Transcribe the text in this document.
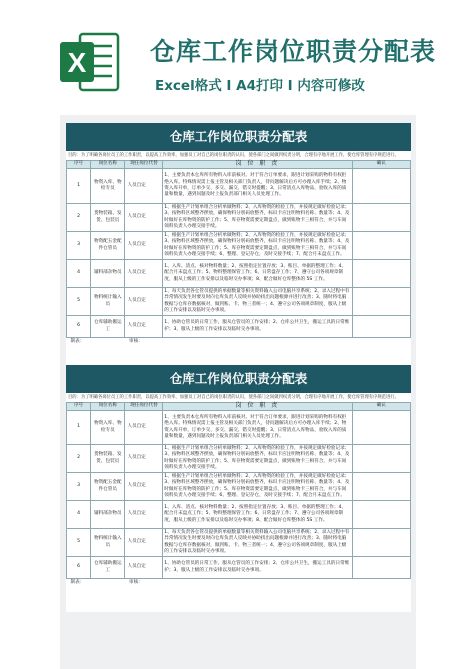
X	仓库工作岗位职责分配表
Excel格式 I A4打印 I 内容可修改
仓库工作岗位职责分配表
目的：为了明确各岗位员工的工作职责，以提高工作效率，加强员工对自己的岗位职责的认识，使各部门之间做到权责分明，合理有序地开展工作，使仓库管理有序规范进行。
序号	岗位名称	现任岗位代替	岗 位 职 责	确认
1	物资入库、物检专员	人员自定	1、主要负责本仓库所有物料入库前核对。对于符合订单要求，跟进计划采购的物料有权拒绝入库。特殊情况需上报主管及相关部门负责人，待问题解决后方可办理入库手续；2、物资入库开单，订单少交、多交、漏交、错交时提醒；3、日常清点入库物品，验收入库的质量和数量，遇到问题及时上报负责部门相关人员处理工作。	
2	货物装箱、发货、包装员	人员自定	1、根据生产计划单组合分析单做物料；2、入库物资的检验工作，并按规定做好检验记录；3、按物料区域整齐摆放，确保物料分别码放整齐，标识卡应注明物料名称、数量等；4、及时做好在库物资的防护工作；5、库存物资需要定期盘点，做到账物卡三相符合，并与车间领料负责人办理交接手续。	
3	物资配五金配件仓管员	人员自定	1、根据生产计划单组合分析单做物料；2、入库物资的检验工作，并按规定做好检验记录；3、按物料区域整齐摆放，确保物料分别码放整齐，标识卡应注明物料名称、数量等；4、及时做好在库物资的防护工作；5、库存物资需要定期盘点，做到账物卡三相符合，并与车间领料负责人办理交接手续；6、整理、登记存仓，及时交接手续；7、配合月末盘点工作。	
4	辅料部杂物员	人员自定	1、入库、清点、核对物料数量；2、按照指定位置存放；3、账目、单据的整理工作；4、配合月末盘点工作；5、物料整理保管工作；6、日常盘存工作；7、遵守公司各项规章制度，服从上级的工作安排以及临时交办事项；8、配合做好仓库整体的 5S 工作。	
5	物料统计输入员	人员自定	1、每天负责各仓管员提供的单据数量等相关资料输入公司电脑共享系统；2、录入过程中有异常情况发生时要及时向仓库负责人反映并协助找出问题根源并进行改善；3、随时将电脑数据与仓库存数据核对，做到账、卡、物三者统一；4、遵守公司各项规章制度，服从上级的工作安排以及临时交办事项。	
6	仓库辅助搬运工	人员自定	1、协助仓管员的日常工作，服从仓管员的工作安排；2、仓库公共卫生，搬运工具的日常维护；3、服从上级的工作安排以及临时交办事项。	
制表：		审核：		
仓库工作岗位职责分配表
目的：为了明确各岗位员工的工作职责，以提高工作效率，加强员工对自己的岗位职责的认识，使各部门之间做到权责分明，合理有序地开展工作，使仓库管理有序规范进行。
序号	岗位名称	现任岗位代替	岗 位 职 责	确认
1	物资入库、物检专员	人员自定	1、主要负责本仓库所有物料入库前核对。对于符合订单要求，跟进计划采购的物料有权拒绝入库。特殊情况需上报主管及相关部门负责人，待问题解决后方可办理入库手续；2、物资入库开单，订单少交、多交、漏交、错交时提醒；3、日常清点入库物品，验收入库的质量和数量，遇到问题及时上报负责部门相关人员处理工作。	
2	货物装箱、发货、包装员	人员自定	1、根据生产计划单组合分析单做物料；2、入库物资的检验工作，并按规定做好检验记录；3、按物料区域整齐摆放，确保物料分别码放整齐，标识卡应注明物料名称、数量等；4、及时做好在库物资的防护工作；5、库存物资需要定期盘点，做到账物卡三相符合，并与车间领料负责人办理交接手续。	
3	物资配五金配件仓管员	人员自定	1、根据生产计划单组合分析单做物料；2、入库物资的检验工作，并按规定做好检验记录；3、按物料区域整齐摆放，确保物料分别码放整齐，标识卡应注明物料名称、数量等；4、及时做好在库物资的防护工作；5、库存物资需要定期盘点，做到账物卡三相符合，并与车间领料负责人办理交接手续；6、整理、登记存仓，及时交接手续；7、配合月末盘点工作。	
4	辅料部杂物员	人员自定	1、入库、清点、核对物料数量；2、按照指定位置存放；3、账目、单据的整理工作；4、配合月末盘点工作；5、物料整理保管工作；6、日常盘存工作；7、遵守公司各项规章制度，服从上级的工作安排以及临时交办事项；8、配合做好仓库整体的 5S 工作。	
5	物料统计输入员	人员自定	1、每天负责各仓管员提供的单据数量等相关资料输入公司电脑共享系统；2、录入过程中有异常情况发生时要及时向仓库负责人反映并协助找出问题根源并进行改善；3、随时将电脑数据与仓库存数据核对，做到账、卡、物三者统一；4、遵守公司各项规章制度，服从上级的工作安排以及临时交办事项。	
6	仓库辅助搬运工	人员自定	1、协助仓管员的日常工作，服从仓管员的工作安排；2、仓库公共卫生，搬运工具的日常维护；3、服从上级的工作安排以及临时交办事项。	
制表：		审核：		
